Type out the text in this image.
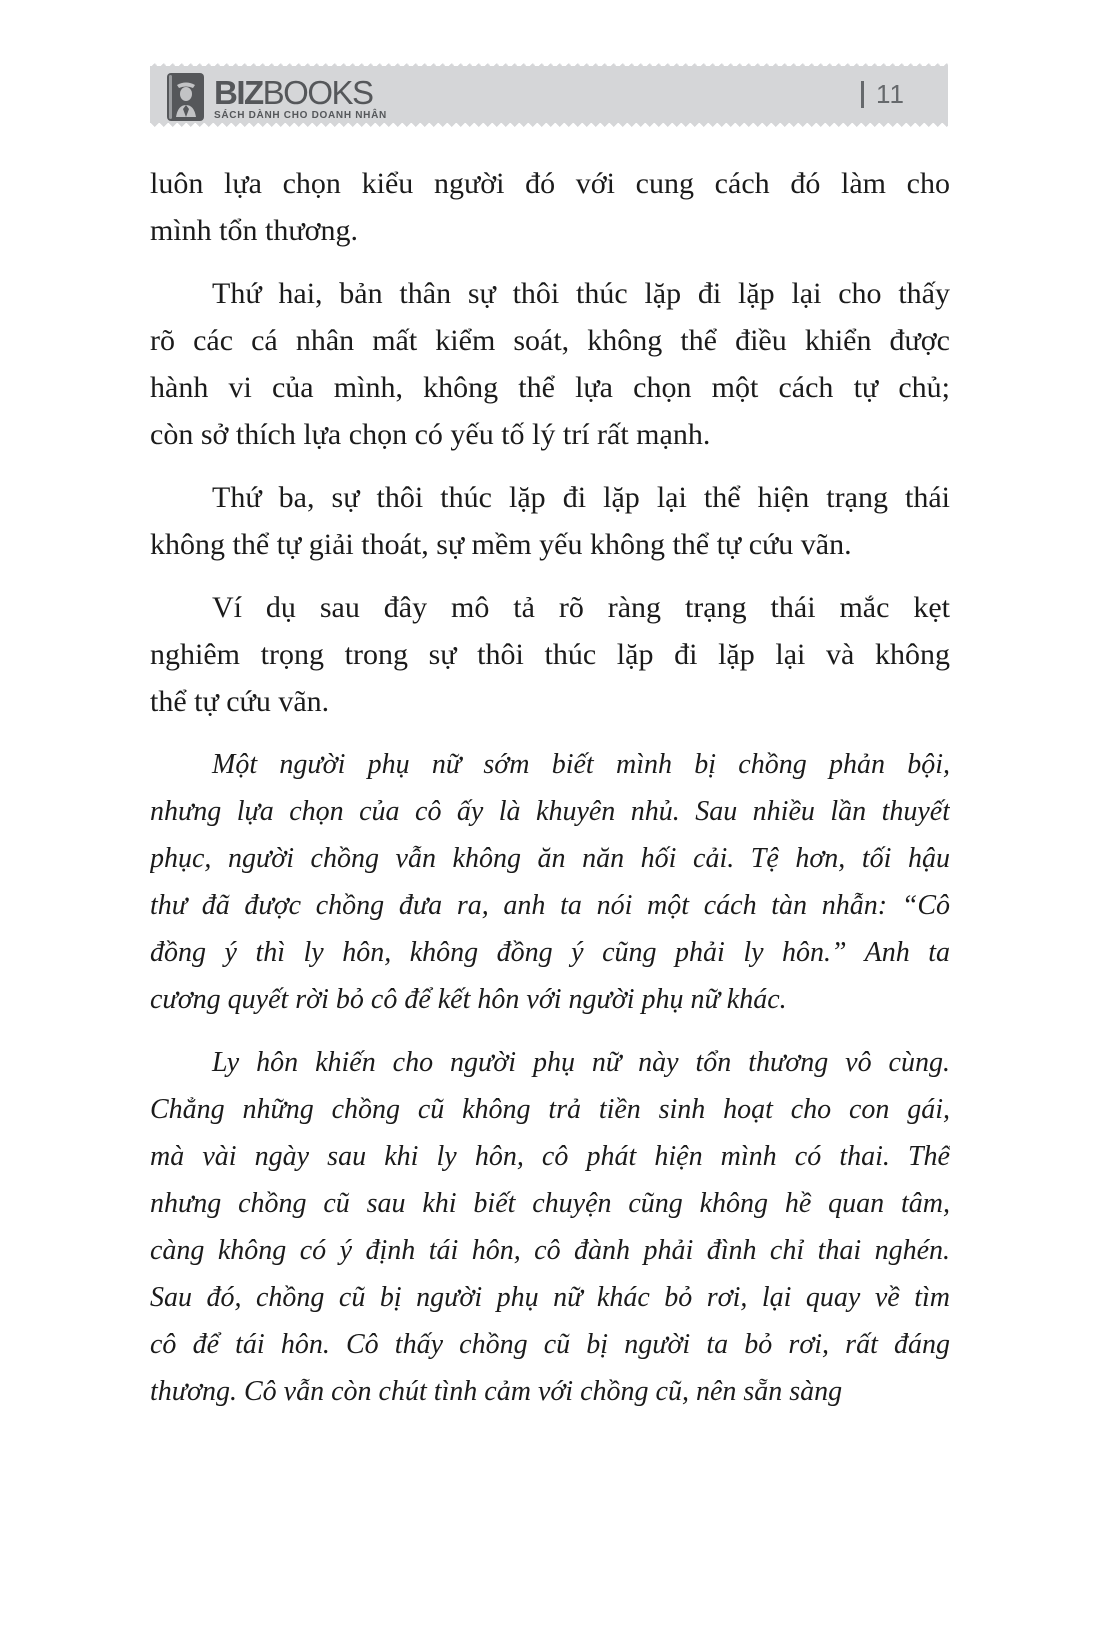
BIZBOOKS
SÁCH DÀNH CHO DOANH NHÂN
11
luôn lựa chọn kiểu người đó với cung cách đó làm cho
mình tổn thương.
Thứ hai, bản thân sự thôi thúc lặp đi lặp lại cho thấy
rõ các cá nhân mất kiểm soát, không thể điều khiển được
hành vi của mình, không thể lựa chọn một cách tự chủ;
còn sở thích lựa chọn có yếu tố lý trí rất mạnh.
Thứ ba, sự thôi thúc lặp đi lặp lại thể hiện trạng thái
không thể tự giải thoát, sự mềm yếu không thể tự cứu vãn.
Ví dụ sau đây mô tả rõ ràng trạng thái mắc kẹt
nghiêm trọng trong sự thôi thúc lặp đi lặp lại và không
thể tự cứu vãn.
Một người phụ nữ sớm biết mình bị chồng phản bội,
nhưng lựa chọn của cô ấy là khuyên nhủ. Sau nhiều lần thuyết
phục, người chồng vẫn không ăn năn hối cải. Tệ hơn, tối hậu
thư đã được chồng đưa ra, anh ta nói một cách tàn nhẫn: “Cô
đồng ý thì ly hôn, không đồng ý cũng phải ly hôn.” Anh ta
cương quyết rời bỏ cô để kết hôn với người phụ nữ khác.
Ly hôn khiến cho người phụ nữ này tổn thương vô cùng.
Chẳng những chồng cũ không trả tiền sinh hoạt cho con gái,
mà vài ngày sau khi ly hôn, cô phát hiện mình có thai. Thế
nhưng chồng cũ sau khi biết chuyện cũng không hề quan tâm,
càng không có ý định tái hôn, cô đành phải đình chỉ thai nghén.
Sau đó, chồng cũ bị người phụ nữ khác bỏ rơi, lại quay về tìm
cô để tái hôn. Cô thấy chồng cũ bị người ta bỏ rơi, rất đáng
thương. Cô vẫn còn chút tình cảm với chồng cũ, nên sẵn sàng
